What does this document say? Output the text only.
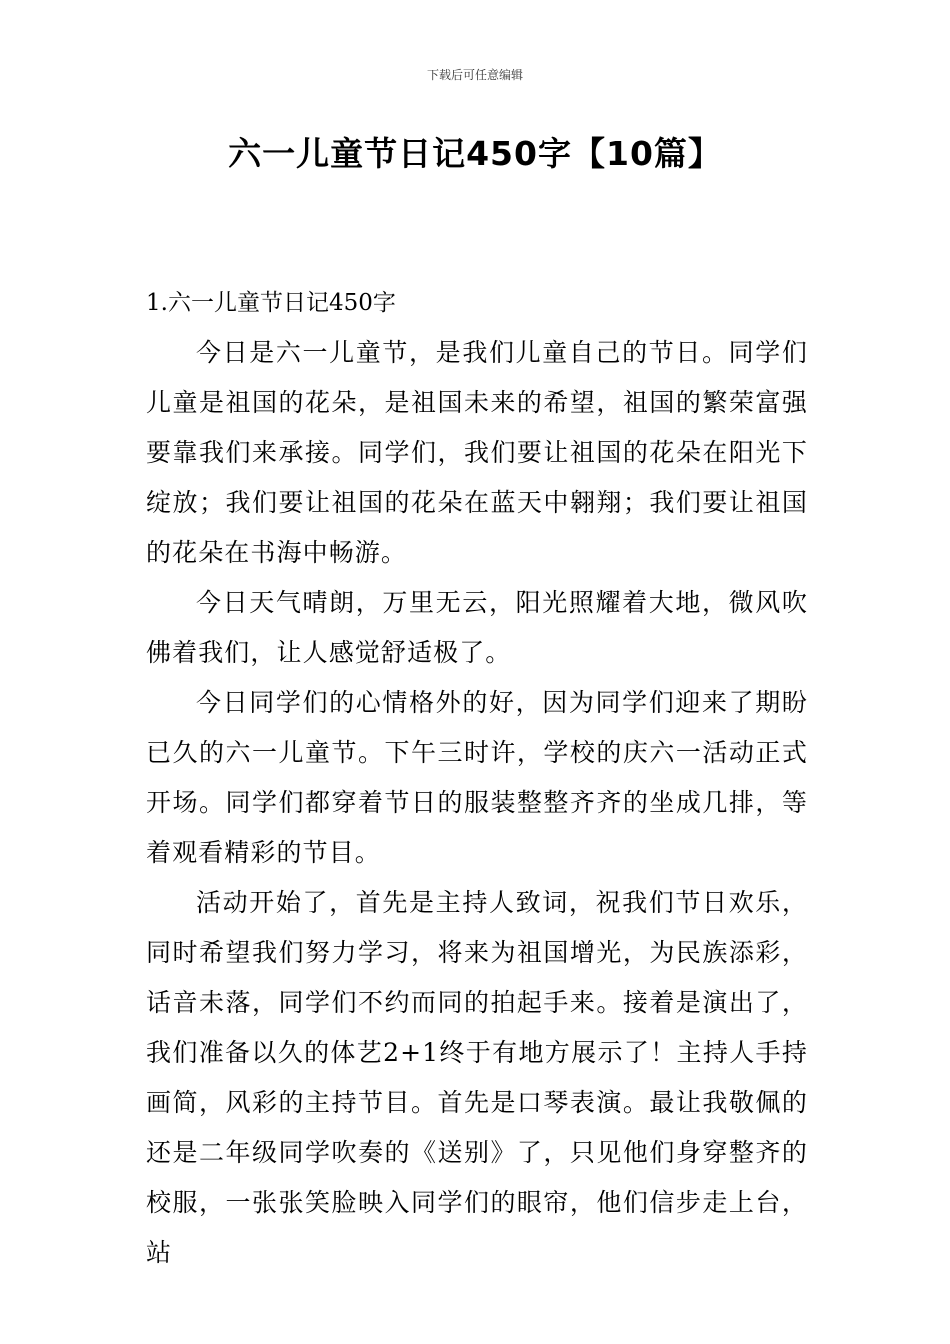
下载后可任意编辑
六一儿童节日记450字【10篇】

1.六一儿童节日记450字

今日是六一儿童节，是我们儿童自己的节日。同学们儿童是祖国的花朵，是祖国未来的希望，祖国的繁荣富强要靠我们来承接。同学们，我们要让祖国的花朵在阳光下绽放；我们要让祖国的花朵在蓝天中翱翔；我们要让祖国的花朵在书海中畅游。

今日天气晴朗，万里无云，阳光照耀着大地，微风吹佛着我们，让人感觉舒适极了。

今日同学们的心情格外的好，因为同学们迎来了期盼已久的六一儿童节。下午三时许，学校的庆六一活动正式开场。同学们都穿着节日的服装整整齐齐的坐成几排，等着观看精彩的节目。

活动开始了，首先是主持人致词，祝我们节日欢乐，同时希望我们努力学习，将来为祖国增光，为民族添彩，话音未落，同学们不约而同的拍起手来。接着是演出了，我们准备以久的体艺2+1终于有地方展示了！主持人手持画简，风彩的主持节目。首先是口琴表演。最让我敬佩的还是二年级同学吹奏的《送别》了，只见他们身穿整齐的校服，一张张笑脸映入同学们的眼帘，他们信步走上台，站
